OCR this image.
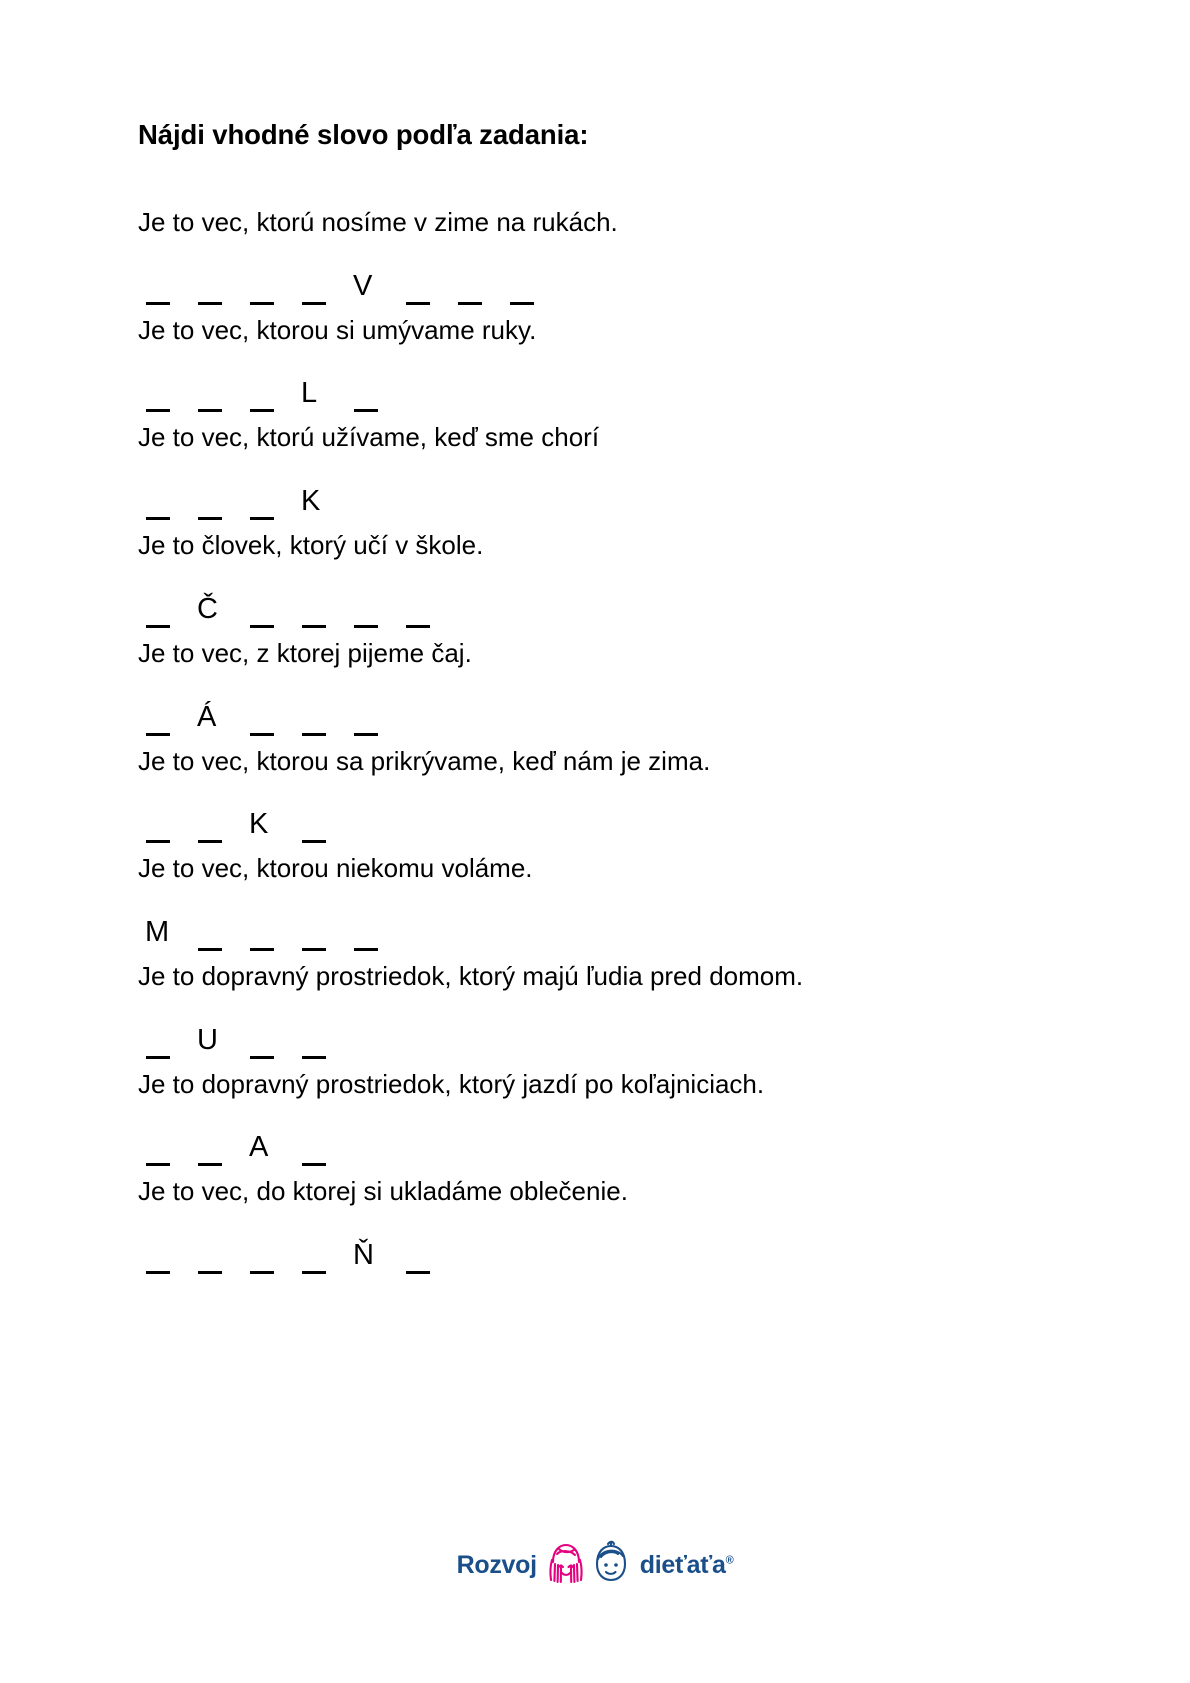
Nájdi vhodné slovo podľa zadania:

Je to vec, ktorú nosíme v zime na rukách.

V

Je to vec, ktorou si umývame ruky.

L

Je to vec, ktorú užívame, keď sme chorí

K

Je to človek, ktorý učí v škole.

Č

Je to vec, z ktorej pijeme čaj.

Á

Je to vec, ktorou sa prikrývame, keď nám je zima.

K

Je to vec, ktorou niekomu voláme.

M

Je to dopravný prostriedok, ktorý majú ľudia pred domom.

U

Je to dopravný prostriedok, ktorý jazdí po koľajniciach.

A

Je to vec, do ktorej si ukladáme oblečenie.

Ň
Rozvoj	dieťaťa®
